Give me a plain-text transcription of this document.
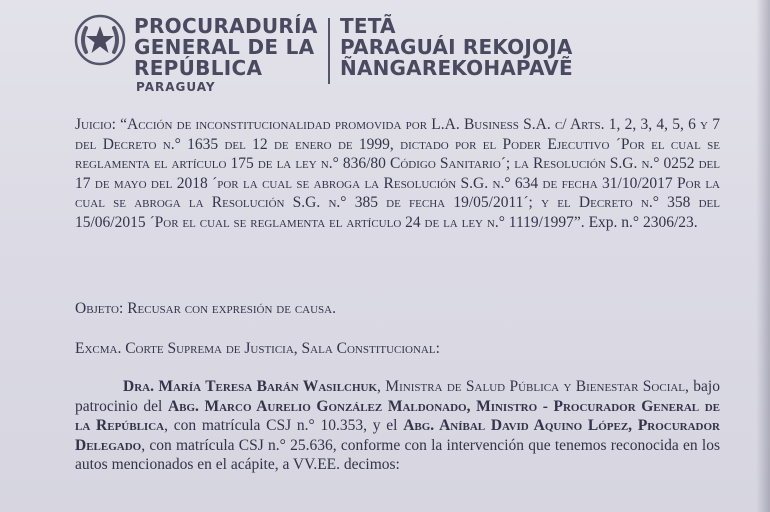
PROCURADURÍA
GENERAL DE LA
REPÚBLICA
PARAGUAY
TETÃ
PARAGUÁI REKOJOJA
ÑANGAREKOHAPAVẼ
Juicio: “Acción de inconstitucionalidad promovida por L.A. Business S.A. c/ Arts. 1, 2, 3, 4, 5, 6 y 7 del Decreto n.° 1635 del 12 de enero de 1999, dictado por el Poder Ejecutivo ´Por el cual se reglamenta el artículo 175 de la ley n.° 836/80 Código Sanitario´; la Resolución S.G. n.° 0252 del 17 de mayo del 2018 ´por la cual se abroga la Resolución S.G. n.° 634 de fecha 31/10/2017 Por la cual se abroga la Resolución S.G. n.° 385 de fecha 19/05/2011´; y el Decreto n.° 358 del 15/06/2015 ´Por el cual se reglamenta el artículo 24 de la ley n.° 1119/1997”. Exp. n.° 2306/23.
Objeto: Recusar con expresión de causa.
Excma. Corte Suprema de Justicia, Sala Constitucional:
Dra. María Teresa Barán Wasilchuk, Ministra de Salud Pública y Bienestar Social, bajo patrocinio del Abg. Marco Aurelio González Maldonado, Ministro - Procurador General de la República, con matrícula CSJ n.° 10.353, y el Abg. Aníbal David Aquino López, Procurador Delegado, con matrícula CSJ n.° 25.636, conforme con la intervención que tenemos reconocida en los autos mencionados en el acápite, a VV.EE. decimos:
